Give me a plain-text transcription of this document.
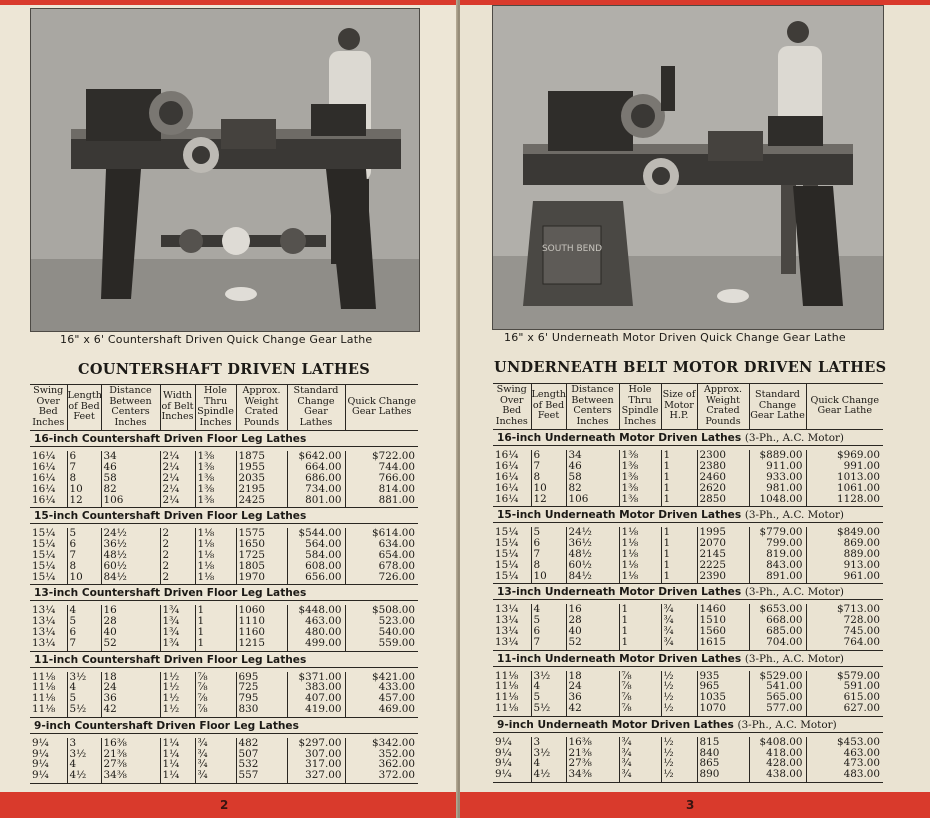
16" x 6' Countershaft Driven Quick Change Gear Lathe
COUNTERSHAFT DRIVEN LATHES
Swing Over Bed Inches	Length of Bed Feet	Distance Between Centers Inches	Width of Belt Inches	Hole Thru Spindle Inches	Approx. Weight Crated Pounds	Standard Change Gear Lathes	Quick Change Gear Lathes
16-inch Countershaft Driven Floor Leg Lathes							

16¼	6	34	2¼	1⅜	1875	$642.00	$722.00
16¼	7	46	2¼	1⅜	1955	664.00	744.00
16¼	8	58	2¼	1⅜	2035	686.00	766.00
16¼	10	82	2¼	1⅜	2195	734.00	814.00
16¼	12	106	2¼	1⅜	2425	801.00	881.00
15-inch Countershaft Driven Floor Leg Lathes							

15¼	5	24½	2	1⅛	1575	$544.00	$614.00
15¼	6	36½	2	1⅛	1650	564.00	634.00
15¼	7	48½	2	1⅛	1725	584.00	654.00
15¼	8	60½	2	1⅛	1805	608.00	678.00
15¼	10	84½	2	1⅛	1970	656.00	726.00
13-inch Countershaft Driven Floor Leg Lathes							

13¼	4	16	1¾	1	1060	$448.00	$508.00
13¼	5	28	1¾	1	1110	463.00	523.00
13¼	6	40	1¾	1	1160	480.00	540.00
13¼	7	52	1¾	1	1215	499.00	559.00
11-inch Countershaft Driven Floor Leg Lathes							

11⅛	3½	18	1½	⅞	695	$371.00	$421.00
11⅛	4	24	1½	⅞	725	383.00	433.00
11⅛	5	36	1½	⅞	795	407.00	457.00
11⅛	5½	42	1½	⅞	830	419.00	469.00
9-inch Countershaft Driven Floor Leg Lathes							

9¼	3	16⅜	1¼	¾	482	$297.00	$342.00
9¼	3½	21⅜	1¼	¾	507	307.00	352.00
9¼	4	27⅜	1¼	¾	532	317.00	362.00
9¼	4½	34⅜	1¼	¾	557	327.00	372.00
2
SOUTH BEND
16" x 6' Underneath Motor Driven Quick Change Gear Lathe
UNDERNEATH BELT MOTOR DRIVEN LATHES
Swing Over Bed Inches	Length of Bed Feet	Distance Between Centers Inches	Hole Thru Spindle Inches	Size of Motor H.P.	Approx. Weight Crated Pounds	Standard Change Gear Lathe	Quick Change Gear Lathe
16-inch Underneath Motor Driven Lathes (3-Ph., A.C. Motor)							

16¼	6	34	1⅜	1	2300	$889.00	$969.00
16¼	7	46	1⅜	1	2380	911.00	991.00
16¼	8	58	1⅜	1	2460	933.00	1013.00
16¼	10	82	1⅜	1	2620	981.00	1061.00
16¼	12	106	1⅜	1	2850	1048.00	1128.00
15-inch Underneath Motor Driven Lathes (3-Ph., A.C. Motor)							

15¼	5	24½	1⅛	1	1995	$779.00	$849.00
15¼	6	36½	1⅛	1	2070	799.00	869.00
15¼	7	48½	1⅛	1	2145	819.00	889.00
15¼	8	60½	1⅛	1	2225	843.00	913.00
15¼	10	84½	1⅛	1	2390	891.00	961.00
13-inch Underneath Motor Driven Lathes (3-Ph., A.C. Motor)							

13¼	4	16	1	¾	1460	$653.00	$713.00
13¼	5	28	1	¾	1510	668.00	728.00
13¼	6	40	1	¾	1560	685.00	745.00
13¼	7	52	1	¾	1615	704.00	764.00
11-inch Underneath Motor Driven Lathes (3-Ph., A.C. Motor)							

11⅛	3½	18	⅞	½	935	$529.00	$579.00
11⅛	4	24	⅞	½	965	541.00	591.00
11⅛	5	36	⅞	½	1035	565.00	615.00
11⅛	5½	42	⅞	½	1070	577.00	627.00
9-inch Underneath Motor Driven Lathes (3-Ph., A.C. Motor)							

9¼	3	16⅜	¾	½	815	$408.00	$453.00
9¼	3½	21⅜	¾	½	840	418.00	463.00
9¼	4	27⅜	¾	½	865	428.00	473.00
9¼	4½	34⅜	¾	½	890	438.00	483.00
3
